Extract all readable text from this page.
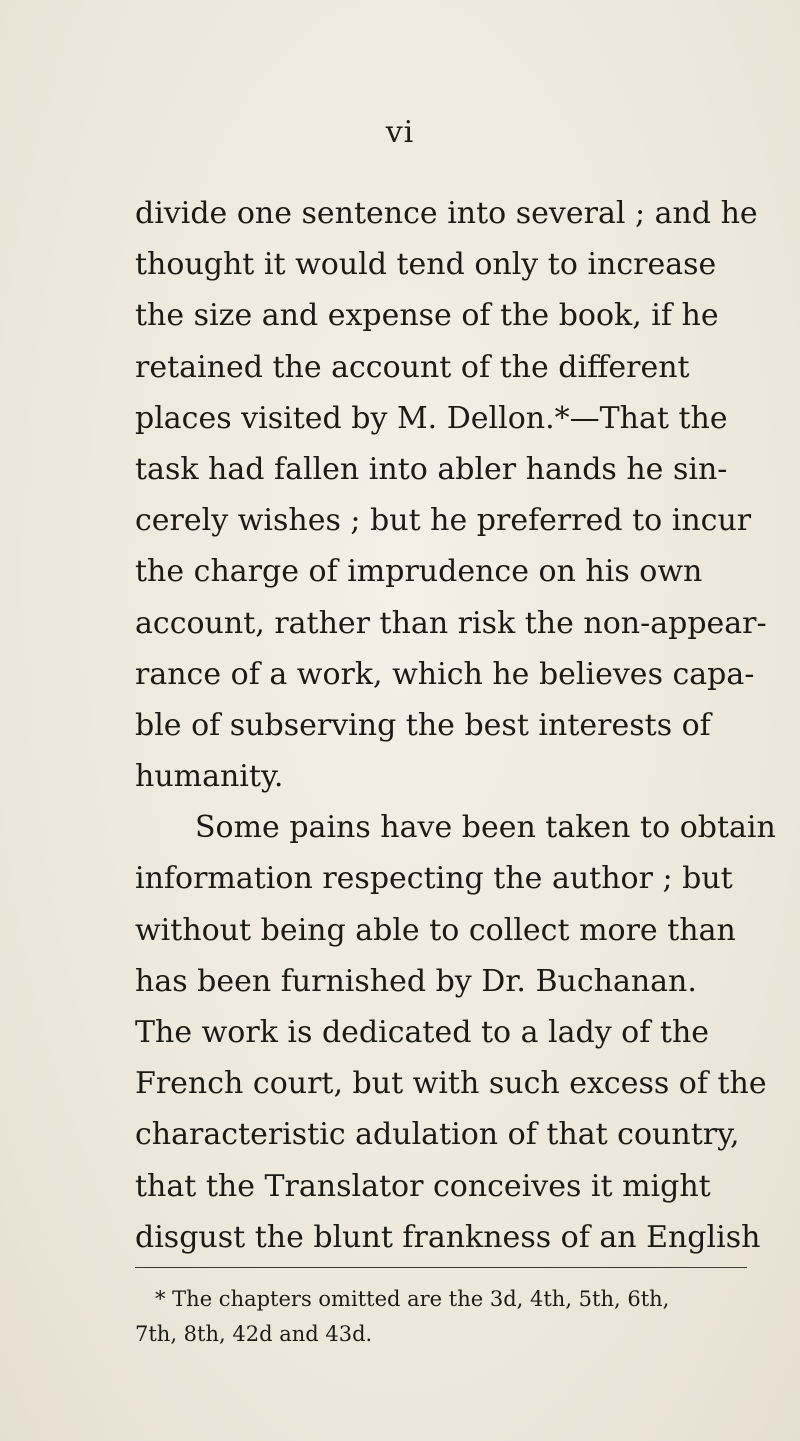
vi
divide one sentence into several ; and he
thought it would tend only to increase
the size and expense of the book, if he
retained the account of the different
places visited by M. Dellon.*—That the
task had fallen into abler hands he sin-
cerely wishes ; but he preferred to incur
the charge of imprudence on his own
account, rather than risk the non-appear-
rance of a work, which he believes capa-
ble of subserving the best interests of
humanity.
Some pains have been taken to obtain
information respecting the author ; but
without being able to collect more than
has been furnished by Dr. Buchanan.
The work is dedicated to a lady of the
French court, but with such excess of the
characteristic adulation of that country,
that the Translator conceives it might
disgust the blunt frankness of an English
* The chapters omitted are the 3d, 4th, 5th, 6th,
7th, 8th, 42d and 43d.
